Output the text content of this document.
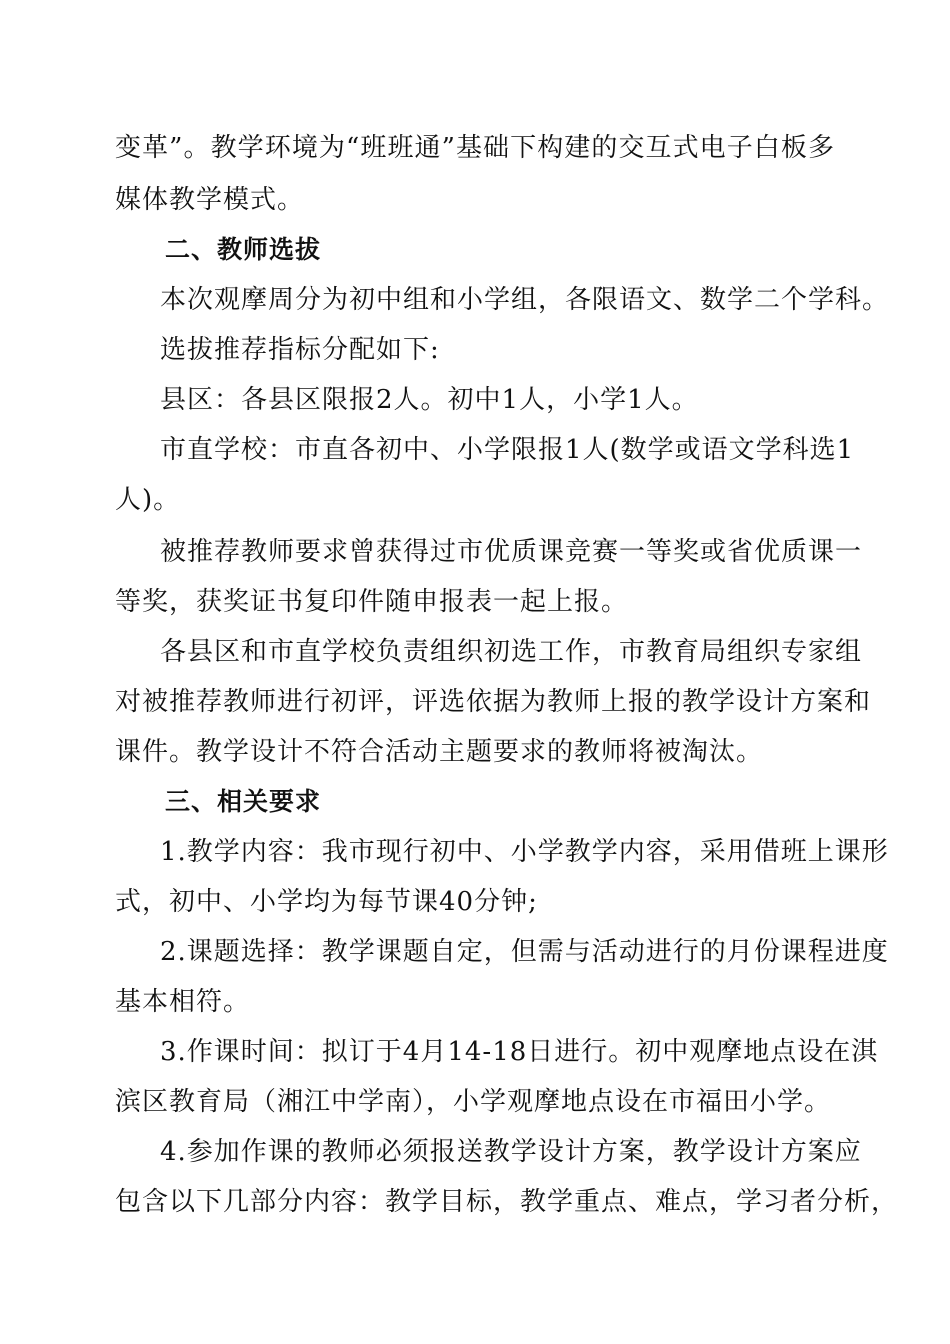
变革”。教学环境为“班班通”基础下构建的交互式电子白板多
媒体教学模式。
二、教师选拔
本次观摩周分为初中组和小学组，各限语文、数学二个学科。
选拔推荐指标分配如下:
县区：各县区限报2人。初中1人，小学1人。
市直学校：市直各初中、小学限报1人(数学或语文学科选1
人)。
被推荐教师要求曾获得过市优质课竞赛一等奖或省优质课一
等奖，获奖证书复印件随申报表一起上报。
各县区和市直学校负责组织初选工作，市教育局组织专家组
对被推荐教师进行初评，评选依据为教师上报的教学设计方案和
课件。教学设计不符合活动主题要求的教师将被淘汰。
三、相关要求
1.教学内容：我市现行初中、小学教学内容，采用借班上课形
式，初中、小学均为每节课40分钟;
2.课题选择：教学课题自定，但需与活动进行的月份课程进度
基本相符。
3.作课时间：拟订于4月14-18日进行。初中观摩地点设在淇
滨区教育局（湘江中学南），小学观摩地点设在市福田小学。
4.参加作课的教师必须报送教学设计方案，教学设计方案应
包含以下几部分内容：教学目标，教学重点、难点，学习者分析，
